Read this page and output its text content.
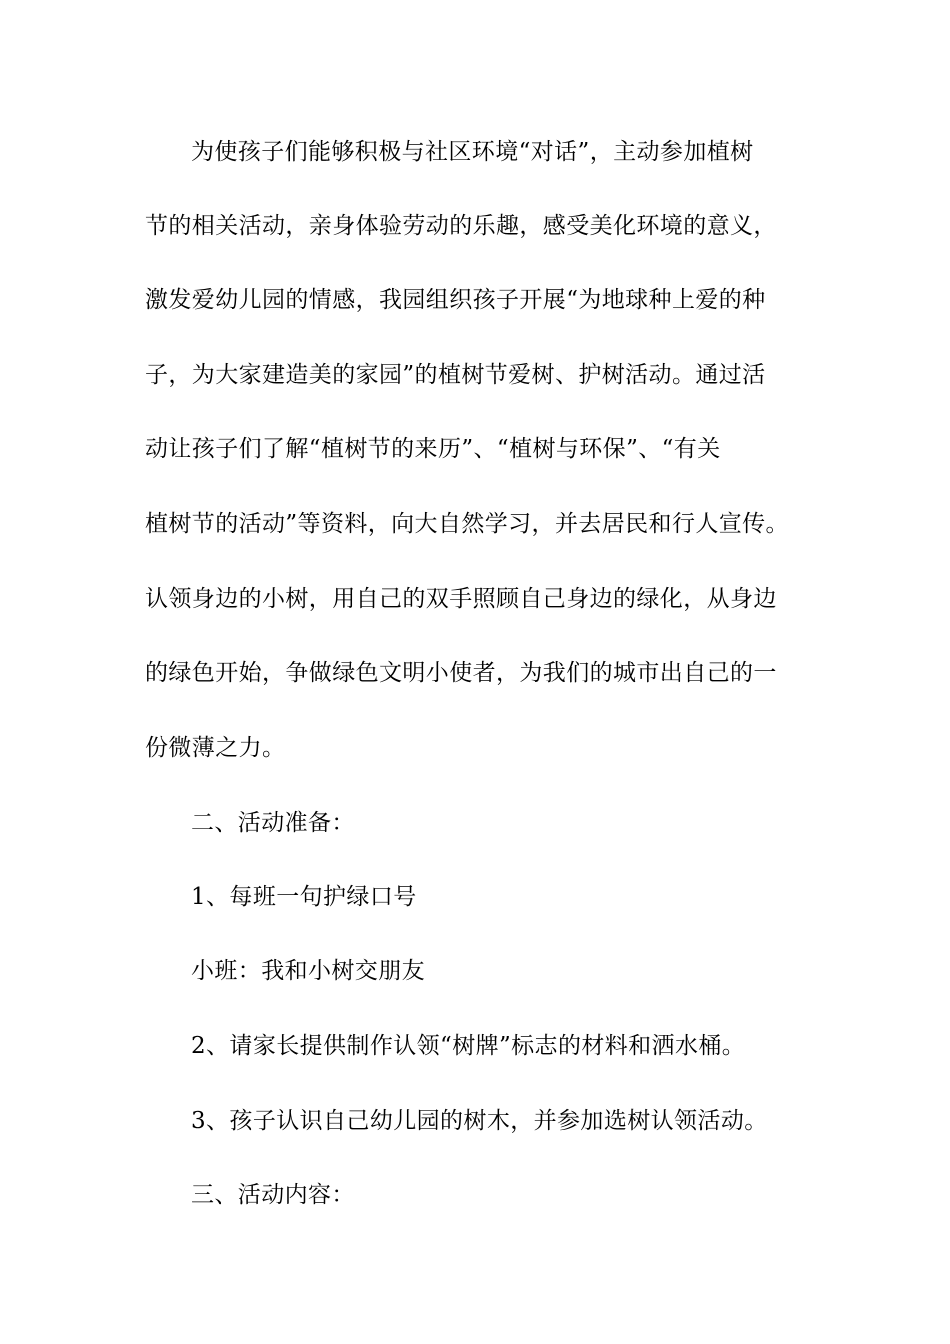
为使孩子们能够积极与社区环境“对话”，主动参加植树
节的相关活动，亲身体验劳动的乐趣，感受美化环境的意义，
激发爱幼儿园的情感，我园组织孩子开展“为地球种上爱的种
子，为大家建造美的家园”的植树节爱树、护树活动。通过活
动让孩子们了解“植树节的来历”、“植树与环保”、“有关
植树节的活动”等资料，向大自然学习，并去居民和行人宣传。
认领身边的小树，用自己的双手照顾自己身边的绿化，从身边
的绿色开始，争做绿色文明小使者，为我们的城市出自己的一
份微薄之力。
二、活动准备：
1、每班一句护绿口号
小班：我和小树交朋友
2、请家长提供制作认领“树牌”标志的材料和洒水桶。
3、孩子认识自己幼儿园的树木，并参加选树认领活动。
三、活动内容：
